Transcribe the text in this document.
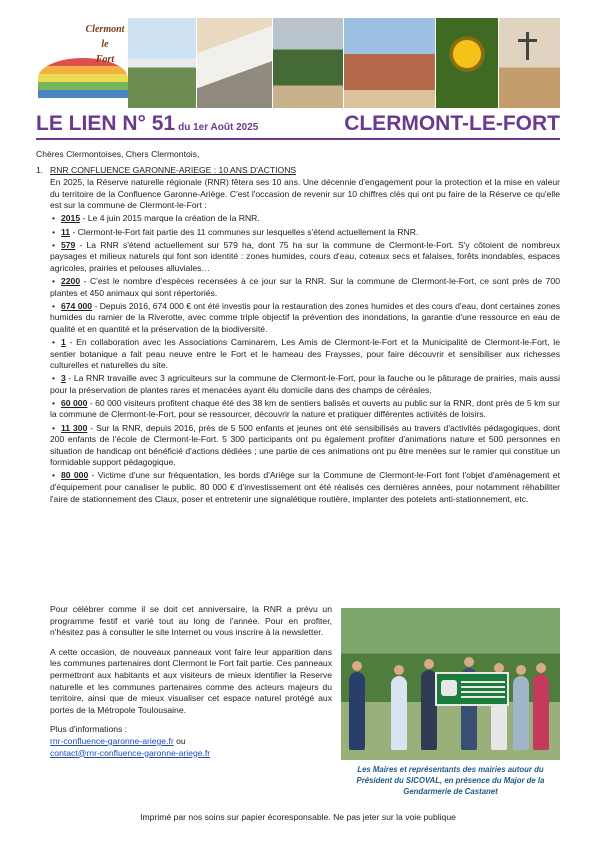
Clermont
le
Fort
LE LIEN N° 51 du 1er Août 2025	CLERMONT-LE-FORT
Chères Clermontoises, Chers Clermontois,
1. RNR CONFLUENCE GARONNE-ARIEGE : 10 ANS D'ACTIONS
En 2025, la Réserve naturelle régionale (RNR) fêtera ses 10 ans. Une décennie d'engagement pour la protection et la mise en valeur du territoire de la Confluence Garonne-Ariège. C'est l'occasion de revenir sur 10 chiffres clés qui ont pu faire de la Réserve ce qu'elle est sur la commune de Clermont-le-Fort :
• 2015 - Le 4 juin 2015 marque la création de la RNR.
• 11 - Clermont-le-Fort fait partie des 11 communes sur lesquelles s'étend actuellement la RNR.
• 579 - La RNR s'étend actuellement sur 579 ha, dont 75 ha sur la commune de Clermont-le-Fort. S'y côtoient de nombreux paysages et milieux naturels qui font son identité : zones humides, cours d'eau, coteaux secs et falaises, forêts inondables, espaces agricoles, prairies et pelouses alluviales…
• 2200 - C'est le nombre d'espèces recensées à ce jour sur la RNR. Sur la commune de Clermont-le-Fort, ce sont près de 700 plantes et 450 animaux qui sont répertoriés.
• 674 000 - Depuis 2016, 674 000 € ont été investis pour la restauration des zones humides et des cours d'eau, dont certaines zones humides du ramier de la Riverotte, avec comme triple objectif la prévention des inondations, la garantie d'une ressource en eau de qualité et en quantité et la préservation de la biodiversité.
• 1 - En collaboration avec les Associations Caminarem, Les Amis de Clermont-le-Fort et la Municipalité de Clermont-le-Fort, le sentier botanique a fait peau neuve entre le Fort et le hameau des Fraysses, pour faire découvrir et sensibiliser aux richesses culturelles et naturelles du site.
• 3 - La RNR travaille avec 3 agriculteurs sur la commune de Clermont-le-Fort, pour la fauche ou le pâturage de prairies, mais aussi pour la préservation de plantes rares et menacées ayant élu domicile dans des champs de céréales.
• 60 000 - 60 000 visiteurs profitent chaque été des 38 km de sentiers balisés et ouverts au public sur la RNR, dont près de 5 km sur la commune de Clermont-le-Fort, pour se ressourcer, découvrir la nature et pratiquer différentes activités de loisirs.
• 11 300 - Sur la RNR, depuis 2016, près de 5 500 enfants et jeunes ont été sensibilisés au travers d'activités pédagogiques, dont 200 enfants de l'école de Clermont-le-Fort. 5 300 participants ont pu également profiter d'animations nature et 500 personnes en situation de handicap ont bénéficié d'actions dédiées ; une partie de ces animations ont pu être menées sur le ramier qui constitue un formidable support pédagogique.
• 80 000 - Victime d'une sur fréquentation, les bords d'Ariège sur la Commune de Clermont-le-Fort font l'objet d'aménagement et d'équipement pour canaliser le public. 80 000 € d'investissement ont été réalisés ces dernières années, pour notamment réhabiliter l'aire de stationnement des Claux, poser et entretenir une signalétique routière, implanter des potelets anti-stationnement, etc.

Pour célébrer comme il se doit cet anniversaire, la RNR a prévu un programme festif et varié tout au long de l'année. Pour en profiter, n'hésitez pas à consulter le site Internet ou vous inscrire à la newsletter.

A cette occasion, de nouveaux panneaux vont faire leur apparition dans les communes partenaires dont Clermont le Fort fait partie. Ces panneaux permettront aux habitants et aux visiteurs de mieux identifier la Reserve naturelle et les communes partenaires comme des acteurs majeurs du territoire, ainsi que de mieux visualiser cet espace naturel protégé aux portes de la Métropole Toulousaine.

Plus d'informations :
rnr-confluence-garonne-ariege.fr ou
contact@rnr-confluence-garonne-ariege.fr
Les Maires et représentants des mairies autour du Président du SICOVAL, en présence du Major de la Gendarmerie de Castanet
Imprimé par nos soins sur papier écoresponsable. Ne pas jeter sur la voie publique
